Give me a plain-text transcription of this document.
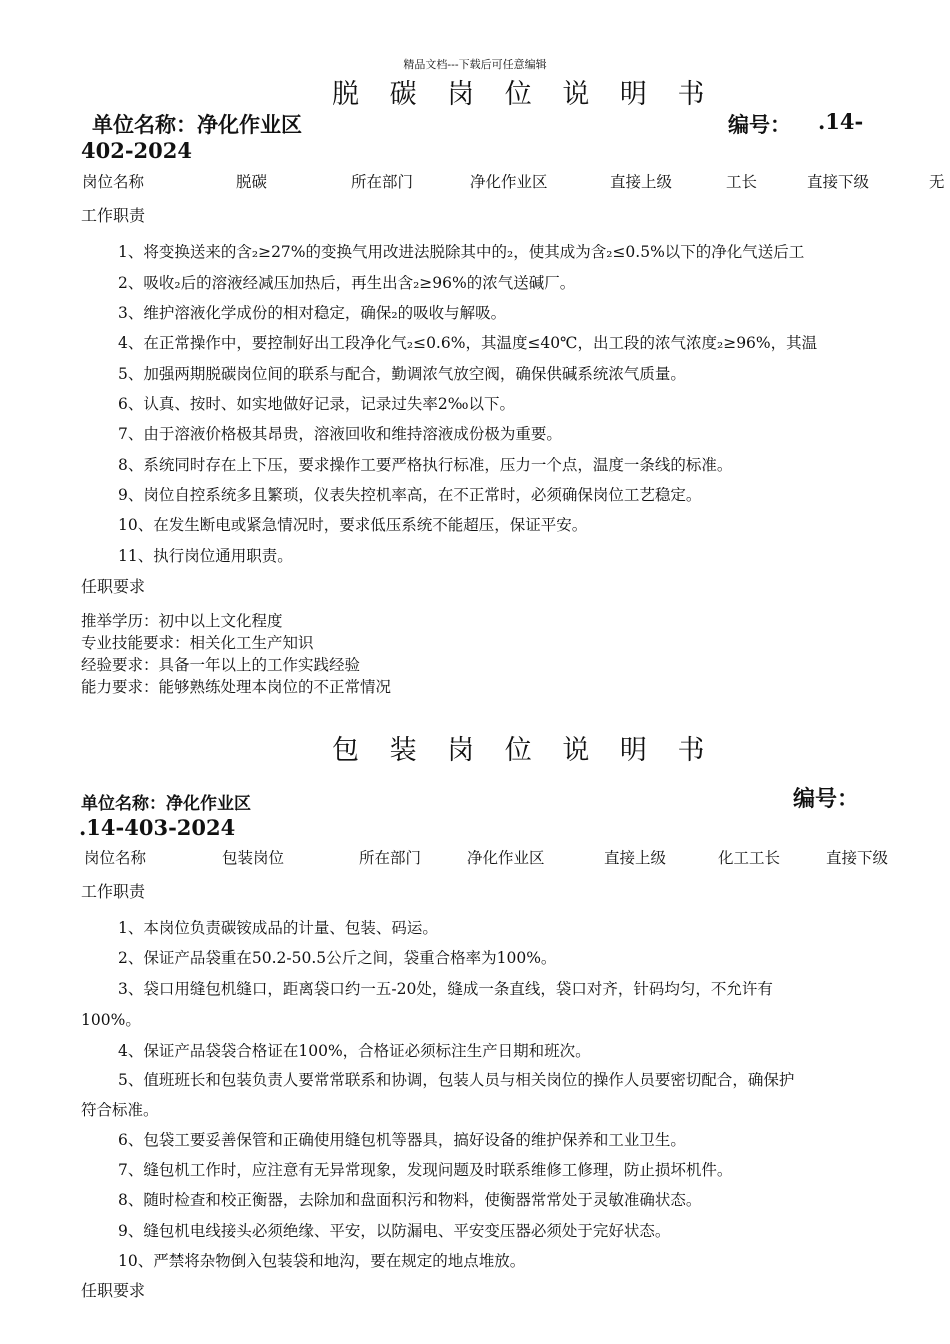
精品文档---下载后可任意编辑
脱 碳 岗 位 说 明 书
单位名称：净化作业区	编号： .14-
402-2024
岗位名称	脱碳	所在部门	净化作业区	直接上级	工长	直接下级	无
工作职责
1、将变换送来的含₂≥27%的变换气用改进法脱除其中的₂，使其成为含₂≤0.5%以下的净化气送后工
2、吸收₂后的溶液经减压加热后，再生出含₂≥96%的浓气送碱厂。
3、维护溶液化学成份的相对稳定，确保₂的吸收与解吸。
4、在正常操作中，要控制好出工段净化气₂≤0.6%，其温度≤40℃，出工段的浓气浓度₂≥96%，其温
5、加强两期脱碳岗位间的联系与配合，勤调浓气放空阀，确保供碱系统浓气质量。
6、认真、按时、如实地做好记录，记录过失率2‰以下。
7、由于溶液价格极其昂贵，溶液回收和维持溶液成份极为重要。
8、系统同时存在上下压，要求操作工要严格执行标准，压力一个点，温度一条线的标准。
9、岗位自控系统多且繁琐，仪表失控机率高，在不正常时，必须确保岗位工艺稳定。
10、在发生断电或紧急情况时，要求低压系统不能超压，保证平安。
11、执行岗位通用职责。
任职要求
推举学历：初中以上文化程度
专业技能要求：相关化工生产知识
经验要求：具备一年以上的工作实践经验
能力要求：能够熟练处理本岗位的不正常情况
包 装 岗 位 说 明 书
单位名称：净化作业区	编号：
.14-403-2024
岗位名称	包装岗位	所在部门	净化作业区	直接上级	化工工长	直接下级
工作职责
1、本岗位负责碳铵成品的计量、包装、码运。
2、保证产品袋重在50.2-50.5公斤之间，袋重合格率为100%。
3、袋口用缝包机缝口，距离袋口约一五-20处，缝成一条直线，袋口对齐，针码均匀，不允许有
100%。
4、保证产品袋袋合格证在100%，合格证必须标注生产日期和班次。
5、值班班长和包装负责人要常常联系和协调，包装人员与相关岗位的操作人员要密切配合，确保护
符合标准。
6、包袋工要妥善保管和正确使用缝包机等器具，搞好设备的维护保养和工业卫生。
7、缝包机工作时，应注意有无异常现象，发现问题及时联系维修工修理，防止损坏机件。
8、随时检查和校正衡器，去除加和盘面积污和物料，使衡器常常处于灵敏准确状态。
9、缝包机电线接头必须绝缘、平安，以防漏电、平安变压器必须处于完好状态。
10、严禁将杂物倒入包装袋和地沟，要在规定的地点堆放。
任职要求
